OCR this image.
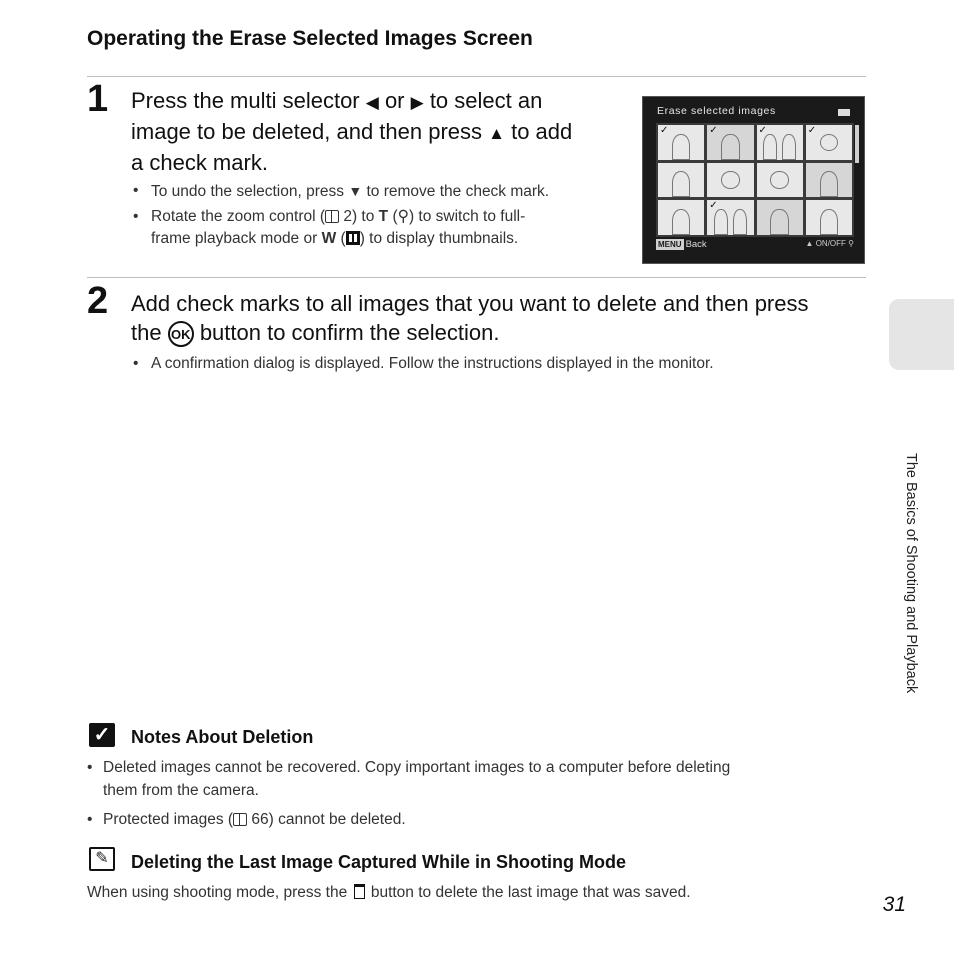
Operating the Erase Selected Images Screen
1 Press the multi selector ◀ or ▶ to select an
image to be deleted, and then press ▲ to add
a check mark.
• To undo the selection, press ▼ to remove the check mark.
• Rotate the zoom control ( 2) to T (⚲) to switch to full-
frame playback mode or W ( ) to display thumbnails.
Erase selected images
✓	✓	✓	✓
✓
MENU Back	▲ ON/OFF ⚲
2 Add check marks to all images that you want to delete and then press
the OK button to confirm the selection.
• A confirmation dialog is displayed. Follow the instructions displayed in the monitor.
The Basics of Shooting and Playback
✓ Notes About Deletion
• Deleted images cannot be recovered. Copy important images to a computer before deleting
them from the camera.
• Protected images ( 66) cannot be deleted.
✎	Deleting the Last Image Captured While in Shooting Mode
When using shooting mode, press the  button to delete the last image that was saved.
31
